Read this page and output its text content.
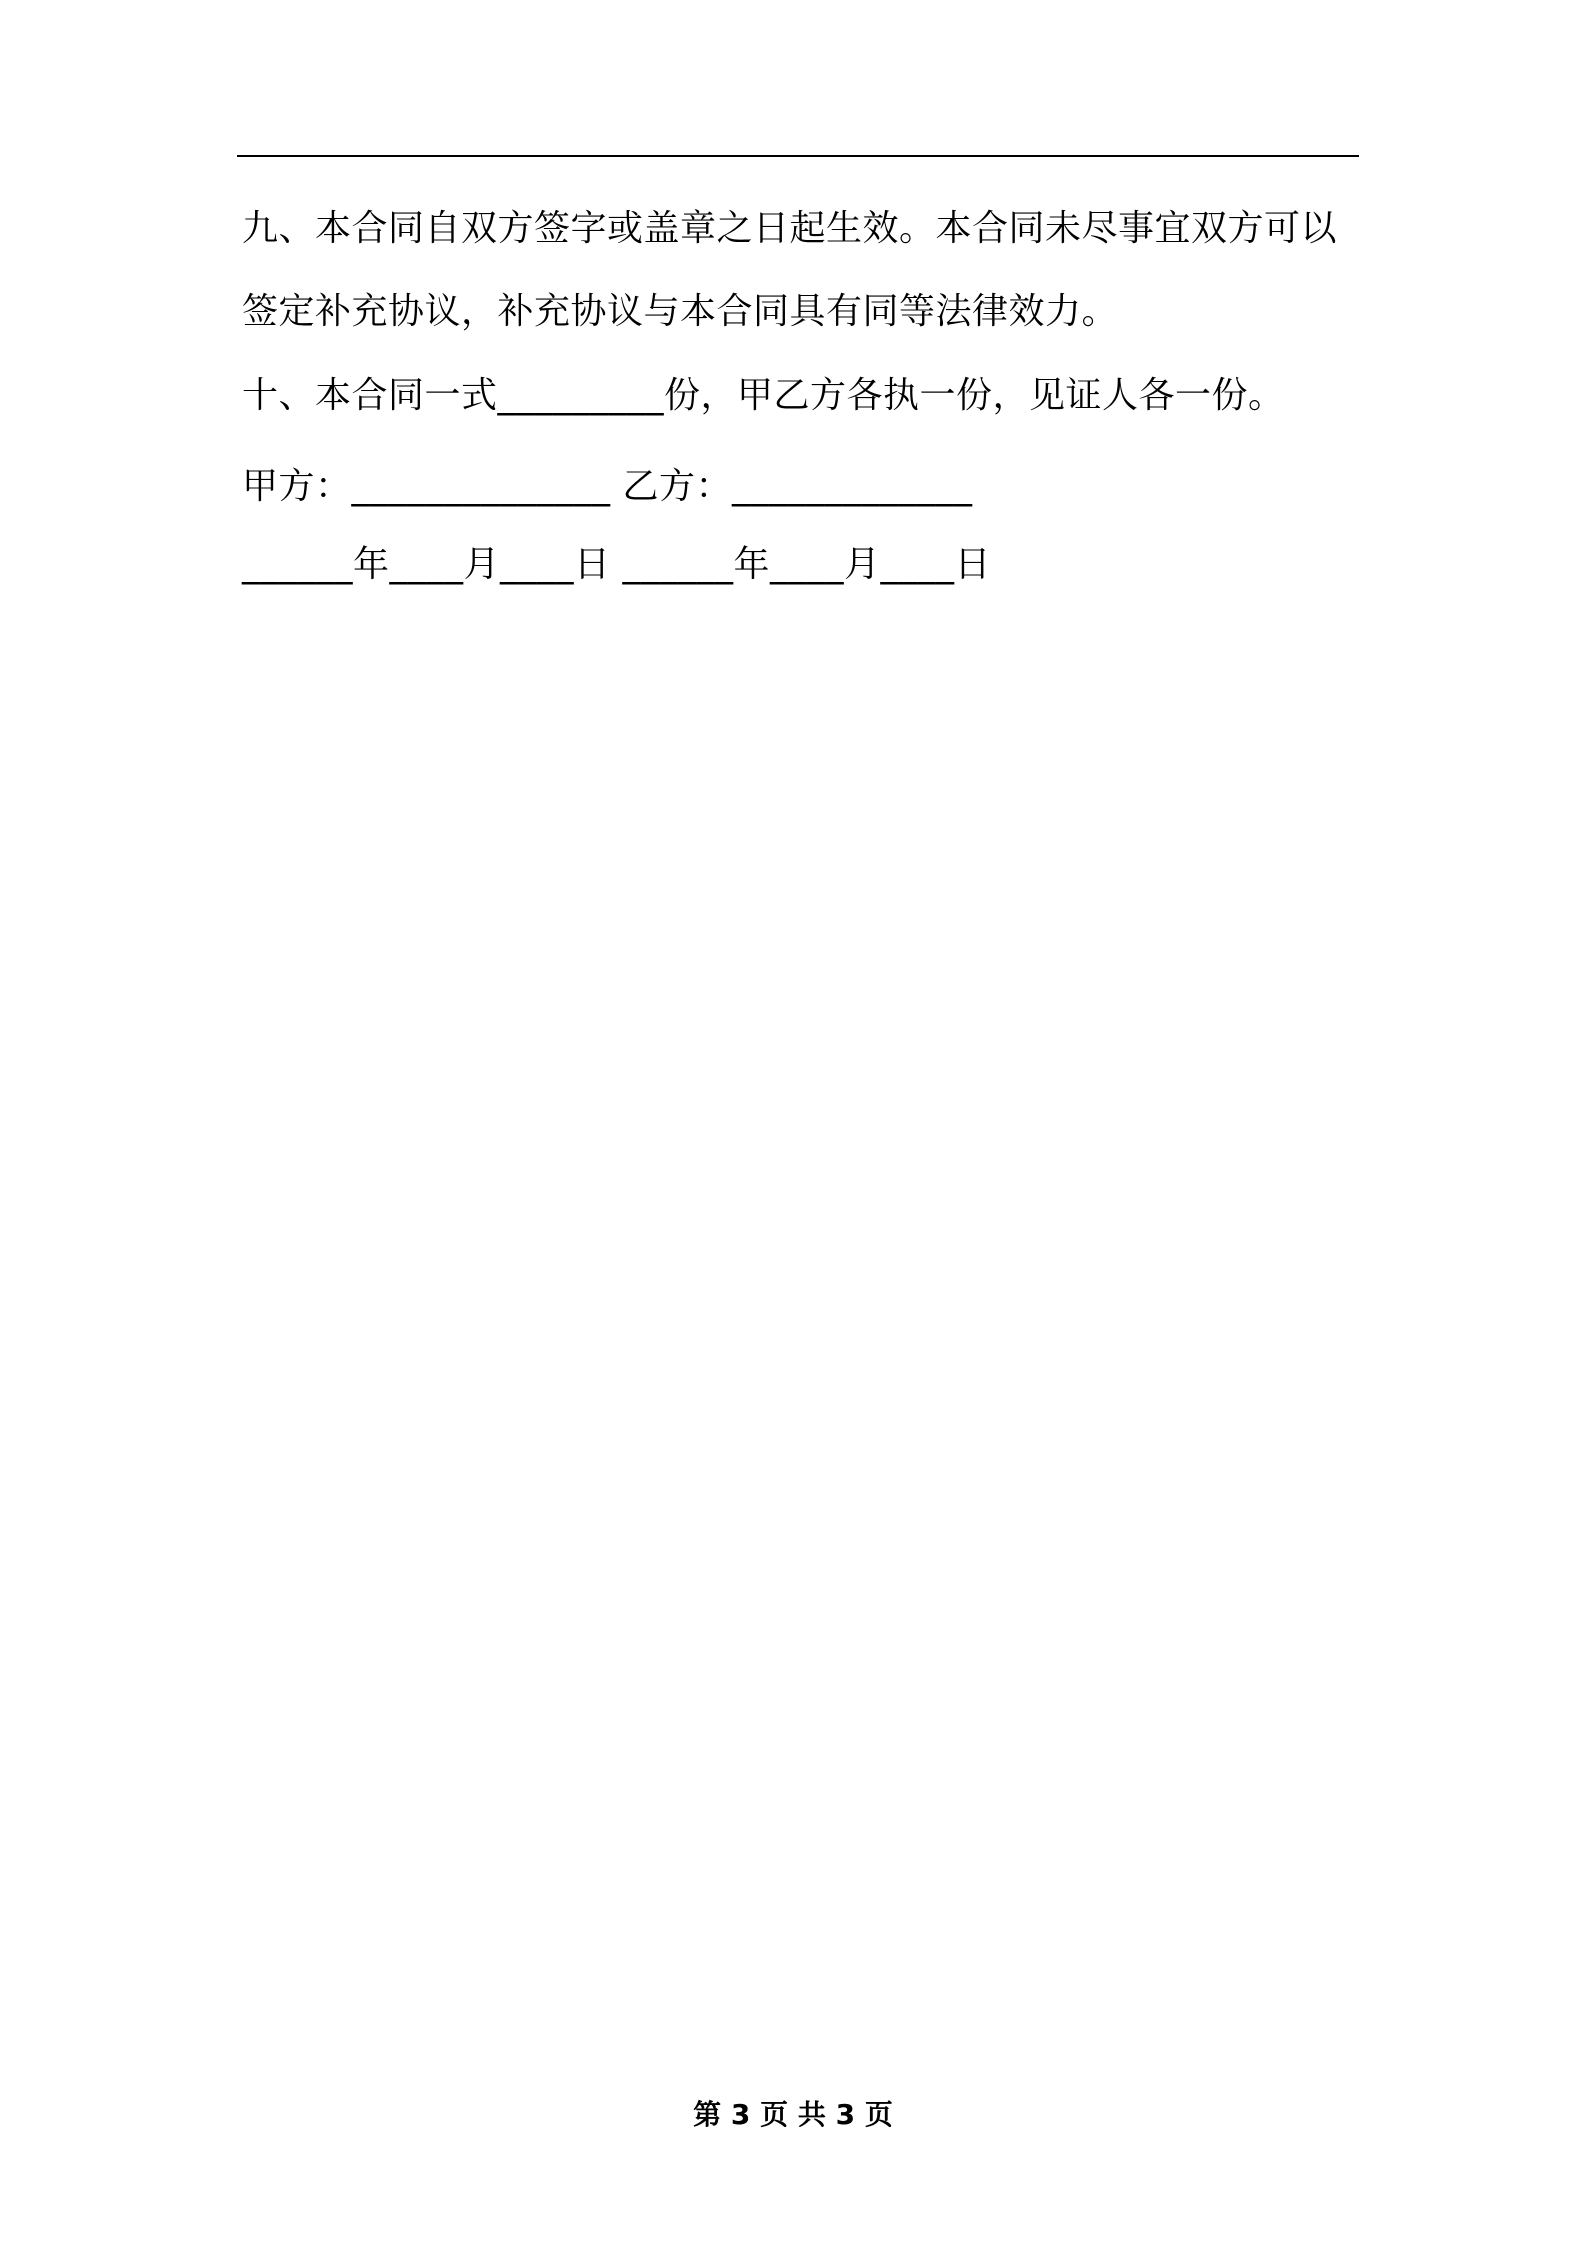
九、本合同自双方签字或盖章之日起生效。本合同未尽事宜双方可以
签定补充协议，补充协议与本合同具有同等法律效力。
十、本合同一式_________份，甲乙方各执一份，见证人各一份。
甲方：______________ 乙方：_____________
______年____月____日 ______年____月____日
第 3 页 共 3 页
